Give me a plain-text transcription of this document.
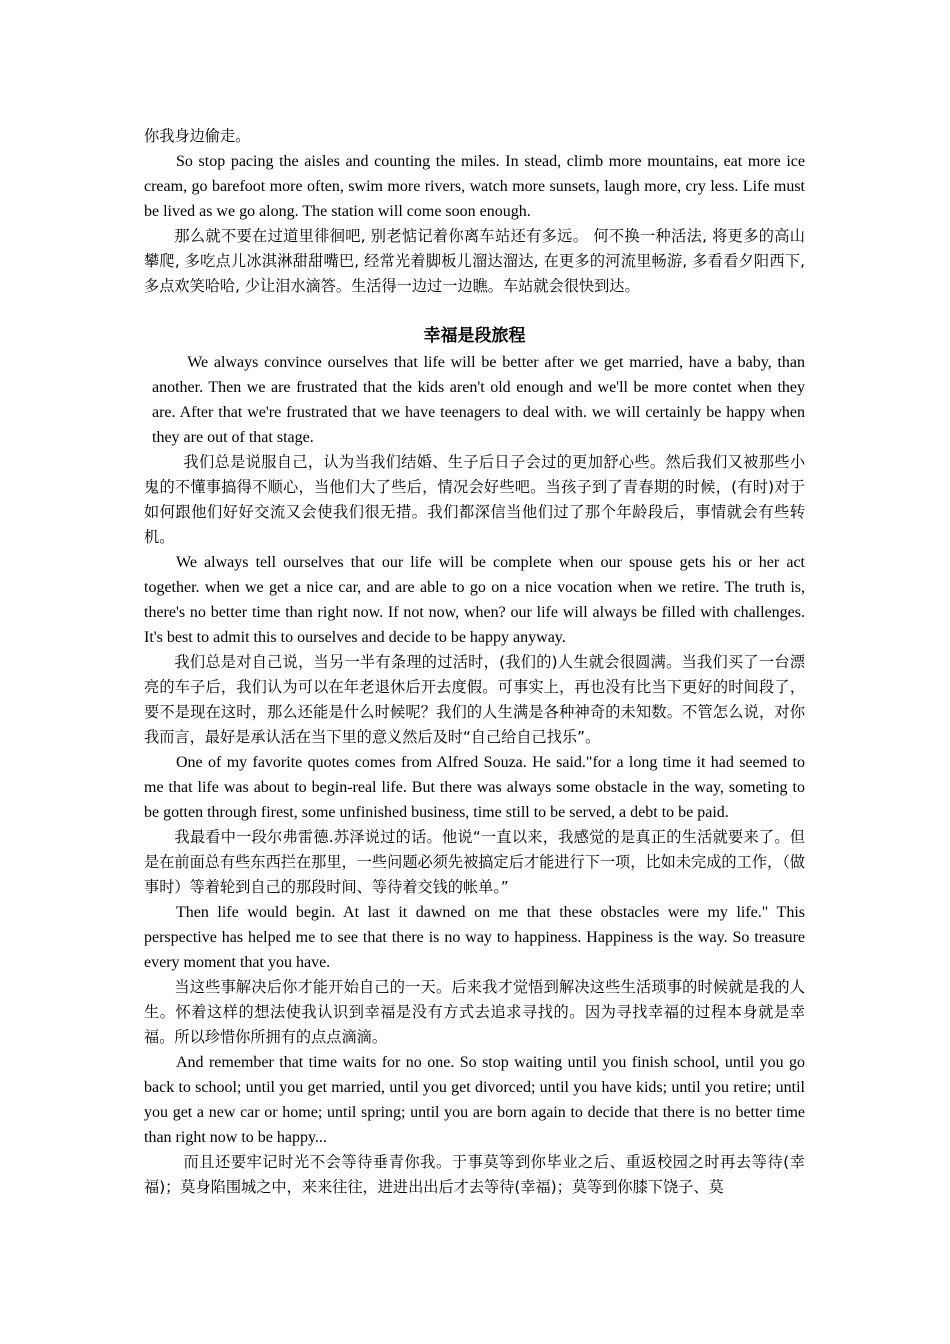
你我身边偷走。

So stop pacing the aisles and counting the miles. In stead, climb more mountains, eat more ice cream, go barefoot more often, swim more rivers, watch more sunsets, laugh more, cry less. Life must be lived as we go along. The station will come soon enough.

那么就不要在过道里徘徊吧, 别老惦记着你离车站还有多远。 何不换一种活法, 将更多的高山攀爬, 多吃点儿冰淇淋甜甜嘴巴, 经常光着脚板儿溜达溜达, 在更多的河流里畅游, 多看看夕阳西下, 多点欢笑哈哈, 少让泪水滴答。生活得一边过一边瞧。车站就会很快到达。

幸福是段旅程

We always convince ourselves that life will be better after we get married, have a baby, than another. Then we are frustrated that the kids aren't old enough and we'll be more contet when they are. After that we're frustrated that we have teenagers to deal with. we will certainly be happy when they are out of that stage.

我们总是说服自己，认为当我们结婚、生子后日子会过的更加舒心些。然后我们又被那些小鬼的不懂事搞得不顺心，当他们大了些后，情况会好些吧。当孩子到了青春期的时候，(有时)对于如何跟他们好好交流又会使我们很无措。我们都深信当他们过了那个年龄段后，事情就会有些转机。

We always tell ourselves that our life will be complete when our spouse gets his or her act together. when we get a nice car, and are able to go on a nice vocation when we retire. The truth is, there's no better time than right now. If not now, when? our life will always be filled with challenges. It's best to admit this to ourselves and decide to be happy anyway.

我们总是对自己说，当另一半有条理的过活时，(我们的)人生就会很圆满。当我们买了一台漂亮的车子后，我们认为可以在年老退休后开去度假。可事实上，再也没有比当下更好的时间段了，要不是现在这时，那么还能是什么时候呢？我们的人生满是各种神奇的未知数。不管怎么说，对你我而言，最好是承认活在当下里的意义然后及时“自己给自己找乐”。

One of my favorite quotes comes from Alfred Souza. He said."for a long time it had seemed to me that life was about to begin-real life. But there was always some obstacle in the way, someting to be gotten through firest, some unfinished business, time still to be served, a debt to be paid.

我最看中一段尔弗雷德.苏泽说过的话。他说“一直以来，我感觉的是真正的生活就要来了。但是在前面总有些东西拦在那里，一些问题必须先被搞定后才能进行下一项，比如未完成的工作，（做事时）等着轮到自己的那段时间、等待着交钱的帐单。”

Then life would begin. At last it dawned on me that these obstacles were my life." This perspective has helped me to see that there is no way to happiness. Happiness is the way. So treasure every moment that you have.

当这些事解决后你才能开始自己的一天。后来我才觉悟到解决这些生活琐事的时候就是我的人生。怀着这样的想法使我认识到幸福是没有方式去追求寻找的。因为寻找幸福的过程本身就是幸福。所以珍惜你所拥有的点点滴滴。

And remember that time waits for no one. So stop waiting until you finish school, until you go back to school; until you get married, until you get divorced; until you have kids; until you retire; until you get a new car or home; until spring; until you are born again to decide that there is no better time than right now to be happy...

而且还要牢记时光不会等待垂青你我。于事莫等到你毕业之后、重返校园之时再去等待(幸福)；莫身陷围城之中，来来往往，进进出出后才去等待(幸福)；莫等到你膝下饶子、莫
